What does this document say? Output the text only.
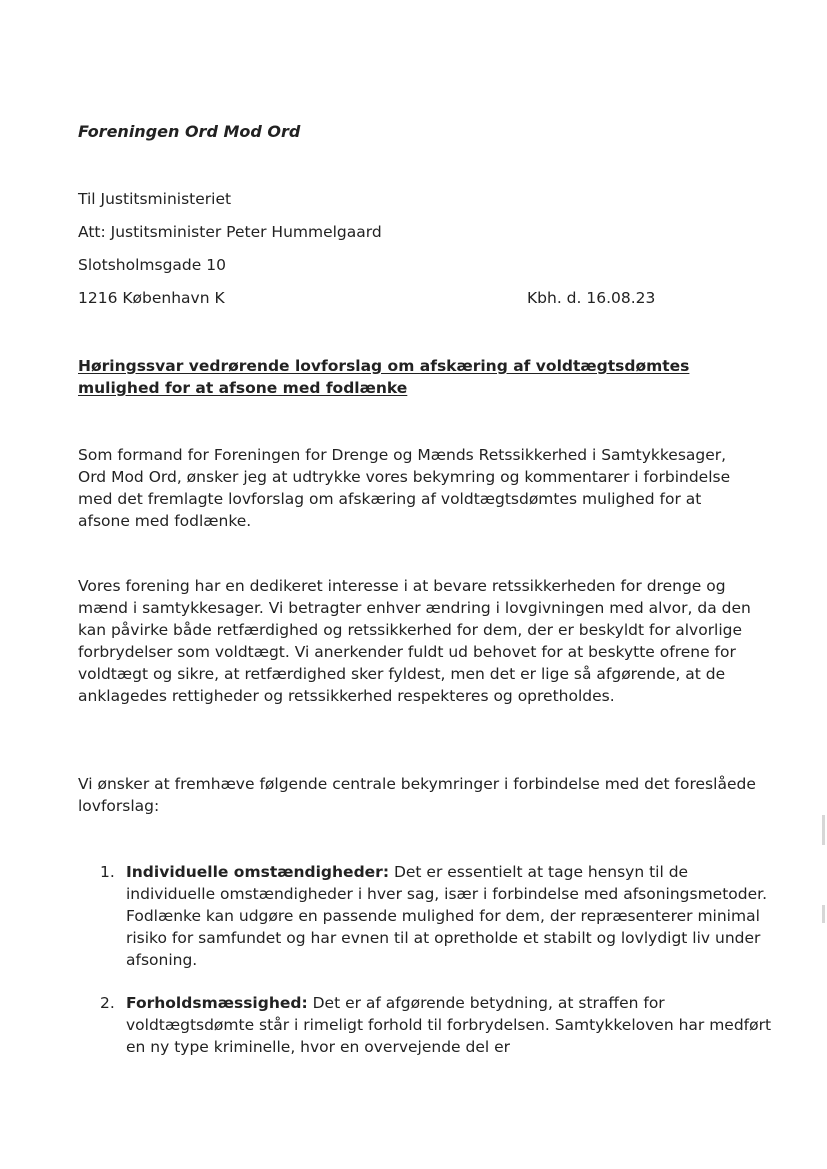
Foreningen Ord Mod Ord

Til Justitsministeriet

Att: Justitsminister Peter Hummelgaard

Slotsholmsgade 10

1216 København K	Kbh. d. 16.08.23

Høringssvar vedrørende lovforslag om afskæring af voldtægtsdømtes mulighed for at afsone med fodlænke

Som formand for Foreningen for Drenge og Mænds Retssikkerhed i Samtykkesager, Ord Mod Ord, ønsker jeg at udtrykke vores bekymring og kommentarer i forbindelse med det fremlagte lovforslag om afskæring af voldtægtsdømtes mulighed for at afsone med fodlænke.

Vores forening har en dedikeret interesse i at bevare retssikkerheden for drenge og mænd i samtykkesager. Vi betragter enhver ændring i lovgivningen med alvor, da den kan påvirke både retfærdighed og retssikkerhed for dem, der er beskyldt for alvorlige forbrydelser som voldtægt. Vi anerkender fuldt ud behovet for at beskytte ofrene for voldtægt og sikre, at retfærdighed sker fyldest, men det er lige så afgørende, at de anklagedes rettigheder og retssikkerhed respekteres og opretholdes.

Vi ønsker at fremhæve følgende centrale bekymringer i forbindelse med det foreslåede lovforslag:

1. Individuelle omstændigheder: Det er essentielt at tage hensyn til de individuelle omstændigheder i hver sag, især i forbindelse med afsoningsmetoder. Fodlænke kan udgøre en passende mulighed for dem, der repræsenterer minimal risiko for samfundet og har evnen til at opretholde et stabilt og lovlydigt liv under afsoning.
2. Forholdsmæssighed: Det er af afgørende betydning, at straffen for voldtægtsdømte står i rimeligt forhold til forbrydelsen. Samtykkeloven har medført en ny type kriminelle, hvor en overvejende del er
